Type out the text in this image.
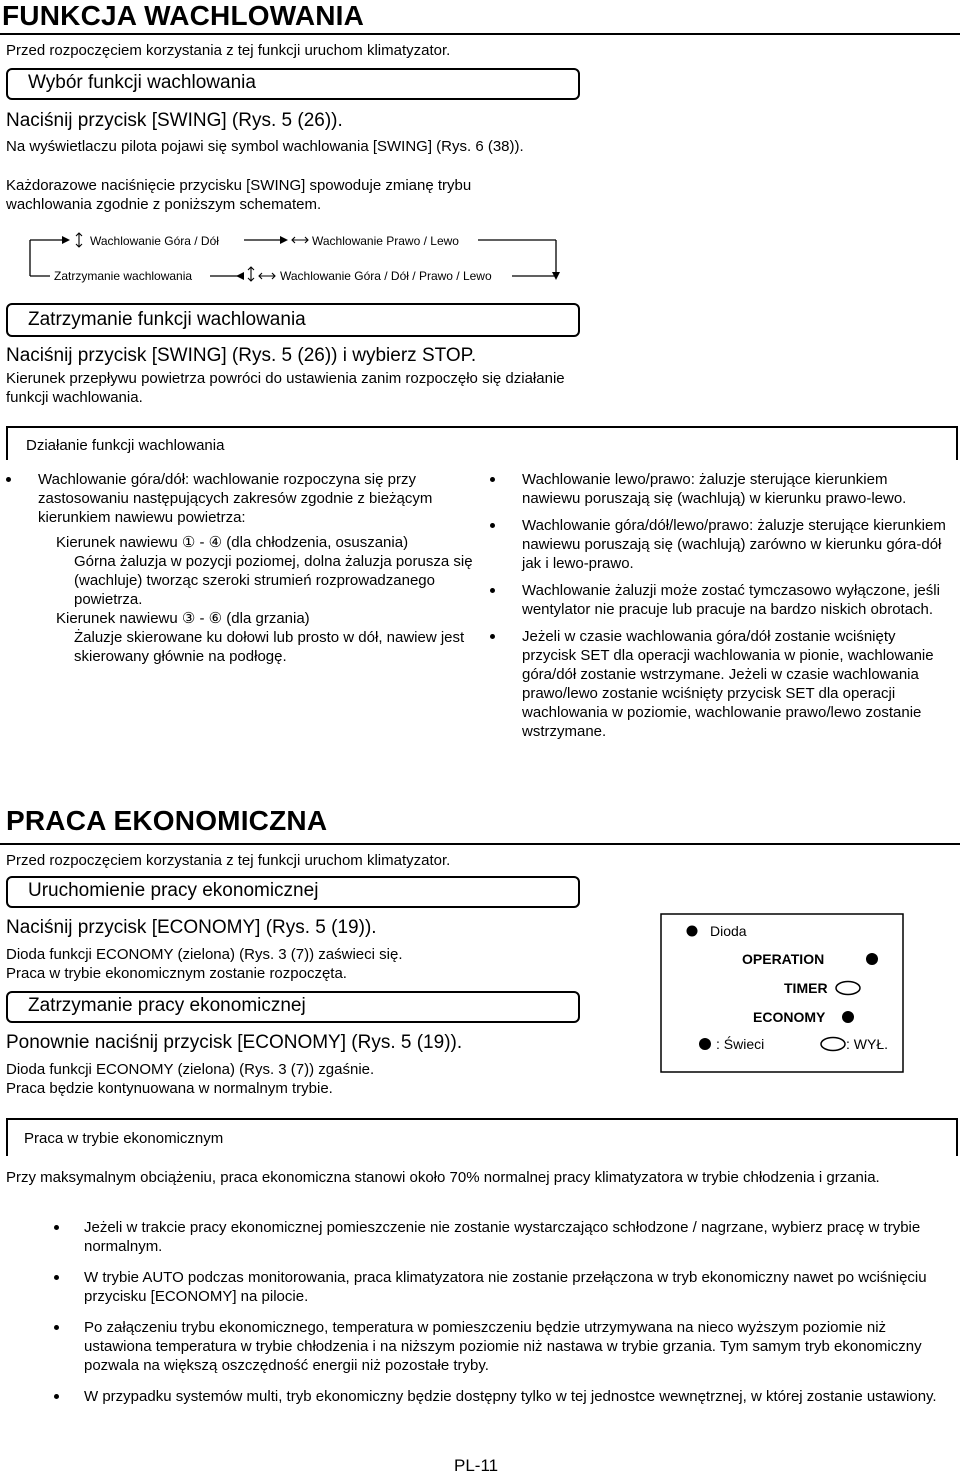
FUNKCJA WACHLOWANIA
Przed rozpoczęciem korzystania z tej funkcji uruchom klimatyzator.
Wybór funkcji wachlowania
Naciśnij przycisk [SWING] (Rys. 5 (26)).
Na wyświetlaczu pilota pojawi się symbol wachlowania [SWING] (Rys. 6 (38)).
Każdorazowe naciśnięcie przycisku [SWING] spowoduje zmianę trybu wachlowania zgodnie z poniższym schematem.
Wachlowanie Góra / Dół	Wachlowanie Prawo / Lewo
Zatrzymanie wachlowania	Wachlowanie Góra / Dół / Prawo / Lewo
Zatrzymanie funkcji wachlowania
Naciśnij przycisk [SWING] (Rys. 5 (26)) i wybierz STOP.
Kierunek przepływu powietrza powróci do ustawienia zanim rozpoczęło się działanie funkcji wachlowania.
Działanie funkcji wachlowania
Wachlowanie góra/dół: wachlowanie rozpoczyna się przy zastosowaniu następujących zakresów zgodnie z bieżącym kierunkiem nawiewu powietrza:
Kierunek nawiewu ① - ④ (dla chłodzenia, osuszania)
Górna żaluzja w pozycji poziomej, dolna żaluzja porusza się (wachluje) tworząc szeroki strumień rozprowadzanego powietrza.
Kierunek nawiewu ③ - ⑥ (dla grzania)
Żaluzje skierowane ku dołowi lub prosto w dół, nawiew jest skierowany głównie na podłogę.
Wachlowanie lewo/prawo: żaluzje sterujące kierunkiem nawiewu poruszają się (wachlują) w kierunku prawo-lewo.
Wachlowanie góra/dół/lewo/prawo: żaluzje sterujące kierunkiem nawiewu poruszają się (wachlują) zarówno w kierunku góra-dół jak i lewo-prawo.
Wachlowanie żaluzji może zostać tymczasowo wyłączone, jeśli wentylator nie pracuje lub pracuje na bardzo niskich obrotach.
Jeżeli w czasie wachlowania góra/dół zostanie wciśnięty przycisk SET dla operacji wachlowania w pionie, wachlowanie góra/dół zostanie wstrzymane. Jeżeli w czasie wachlowania prawo/lewo zostanie wciśnięty przycisk SET dla operacji wachlowania w poziomie, wachlowanie prawo/lewo zostanie wstrzymane.
PRACA EKONOMICZNA
Przed rozpoczęciem korzystania z tej funkcji uruchom klimatyzator.
Uruchomienie pracy ekonomicznej
Naciśnij przycisk [ECONOMY] (Rys. 5 (19)).
Dioda funkcji ECONOMY (zielona) (Rys. 3 (7)) zaświeci się.
Praca w trybie ekonomicznym zostanie rozpoczęta.
Zatrzymanie pracy ekonomicznej
Ponownie naciśnij przycisk [ECONOMY] (Rys. 5 (19)).
Dioda funkcji ECONOMY (zielona) (Rys. 3 (7)) zgaśnie.
Praca będzie kontynuowana w normalnym trybie.
Dioda
OPERATION
TIMER
ECONOMY
: Świeci	: WYŁ.
Praca w trybie ekonomicznym
Przy maksymalnym obciążeniu, praca ekonomiczna stanowi około 70% normalnej pracy klimatyzatora w trybie chłodzenia i grzania.
Jeżeli w trakcie pracy ekonomicznej pomieszczenie nie zostanie wystarczająco schłodzone / nagrzane, wybierz pracę w trybie normalnym.
W trybie AUTO podczas monitorowania, praca klimatyzatora nie zostanie przełączona w tryb ekonomiczny nawet po wciśnięciu przycisku [ECONOMY] na pilocie.
Po załączeniu trybu ekonomicznego, temperatura w pomieszczeniu będzie utrzymywana na nieco wyższym poziomie niż ustawiona temperatura w trybie chłodzenia i na niższym poziomie niż nastawa w trybie grzania. Tym samym tryb ekonomiczny pozwala na większą oszczędność energii niż pozostałe tryby.
W przypadku systemów multi, tryb ekonomiczny będzie dostępny tylko w tej jednostce wewnętrznej, w której zostanie ustawiony.
PL-11
